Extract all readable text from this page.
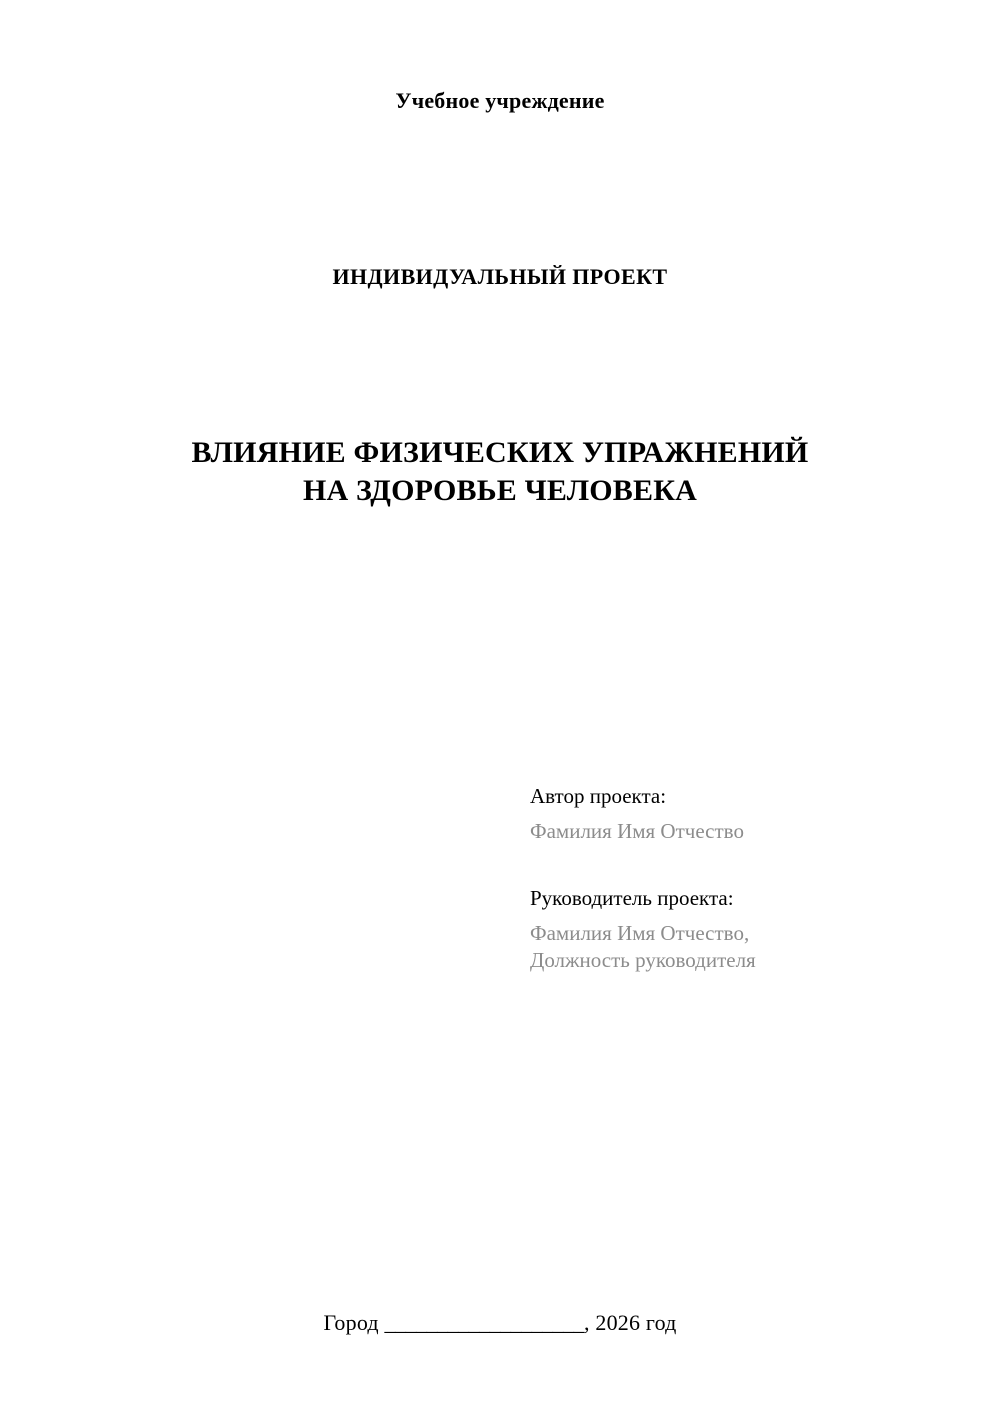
Учебное учреждение
ИНДИВИДУАЛЬНЫЙ ПРОЕКТ
ВЛИЯНИЕ ФИЗИЧЕСКИХ УПРАЖНЕНИЙ НА ЗДОРОВЬЕ ЧЕЛОВЕКА

Автор проекта:

Фамилия Имя Отчество

Руководитель проекта:

Фамилия Имя Отчество,

Должность руководителя

Город ___________________, 2026 год
